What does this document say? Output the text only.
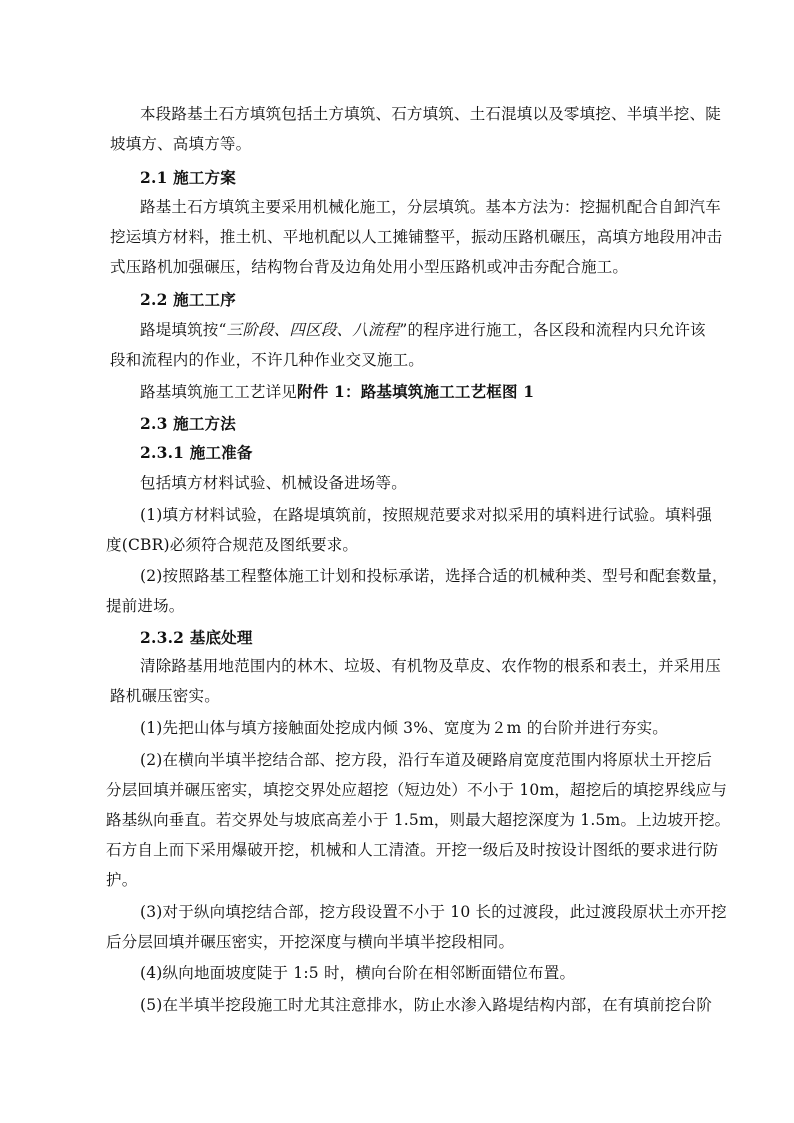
本段路基土石方填筑包括土方填筑、石方填筑、土石混填以及零填挖、半填半挖、陡
坡填方、高填方等。
2.1 施工方案
路基土石方填筑主要采用机械化施工，分层填筑。基本方法为：挖掘机配合自卸汽车
挖运填方材料，推土机、平地机配以人工摊铺整平，振动压路机碾压，高填方地段用冲击
式压路机加强碾压，结构物台背及边角处用小型压路机或冲击夯配合施工。
2.2 施工工序
路堤填筑按“三阶段、四区段、八流程”的程序进行施工，各区段和流程内只允许该
段和流程内的作业，不许几种作业交叉施工。
路基填筑施工工艺详见附件 1：路基填筑施工工艺框图 1
2.3 施工方法
2.3.1 施工准备
包括填方材料试验、机械设备进场等。
(1)填方材料试验，在路堤填筑前，按照规范要求对拟采用的填料进行试验。填料强
度(CBR)必须符合规范及图纸要求。
(2)按照路基工程整体施工计划和投标承诺，选择合适的机械种类、型号和配套数量，
提前进场。
2.3.2 基底处理
清除路基用地范围内的林木、垃圾、有机物及草皮、农作物的根系和表土，并采用压
路机碾压密实。
(1)先把山体与填方接触面处挖成内倾 3%、宽度为２m 的台阶并进行夯实。
(2)在横向半填半挖结合部、挖方段，沿行车道及硬路肩宽度范围内将原状土开挖后
分层回填并碾压密实，填挖交界处应超挖（短边处）不小于 10m，超挖后的填挖界线应与
路基纵向垂直。若交界处与坡底高差小于 1.5m，则最大超挖深度为 1.5m。上边坡开挖。
石方自上而下采用爆破开挖，机械和人工清渣。开挖一级后及时按设计图纸的要求进行防
护。
(3)对于纵向填挖结合部，挖方段设置不小于 10 长的过渡段，此过渡段原状土亦开挖
后分层回填并碾压密实，开挖深度与横向半填半挖段相同。
(4)纵向地面坡度陡于 1:5 时，横向台阶在相邻断面错位布置。
(5)在半填半挖段施工时尤其注意排水，防止水渗入路堤结构内部，在有填前挖台阶
